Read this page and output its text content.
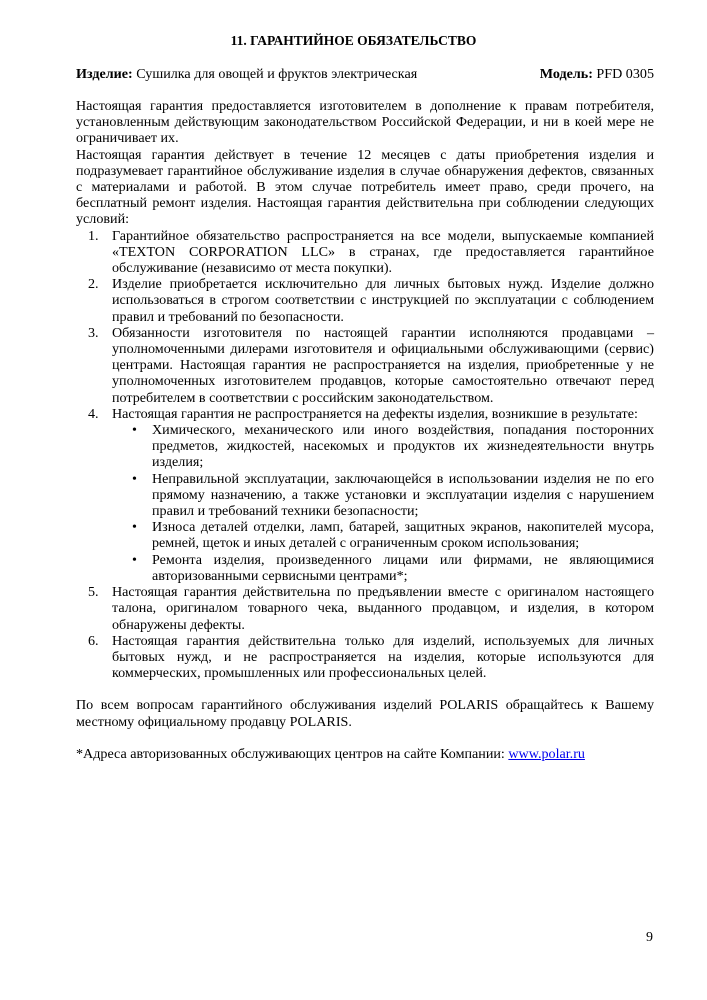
11. ГАРАНТИЙНОЕ ОБЯЗАТЕЛЬСТВО
Изделие: Сушилка для овощей и фруктов электрическая	Модель: PFD 0305

Настоящая гарантия предоставляется изготовителем в дополнение к правам потребителя, установленным действующим законодательством Российской Федерации, и ни в коей мере не ограничивает их.

Настоящая гарантия действует в течение 12 месяцев с даты приобретения изделия и подразумевает гарантийное обслуживание изделия в случае обнаружения дефектов, связанных с материалами и работой. В этом случае потребитель имеет право, среди прочего, на бесплатный ремонт изделия. Настоящая гарантия действительна при соблюдении следующих условий:

1. Гарантийное обязательство распространяется на все модели, выпускаемые компанией «TEXTON CORPORATION LLC» в странах, где предоставляется гарантийное обслуживание (независимо от места покупки).
2. Изделие приобретается исключительно для личных бытовых нужд. Изделие должно использоваться в строгом соответствии с инструкцией по эксплуатации с соблюдением правил и требований по безопасности.
3. Обязанности изготовителя по настоящей гарантии исполняются продавцами – уполномоченными дилерами изготовителя и официальными обслуживающими (сервис) центрами. Настоящая гарантия не распространяется на изделия, приобретенные у не уполномоченных изготовителем продавцов, которые самостоятельно отвечают перед потребителем в соответствии с российским законодательством.
4. Настоящая гарантия не распространяется на дефекты изделия, возникшие в результате:
• Химического, механического или иного воздействия, попадания посторонних предметов, жидкостей, насекомых и продуктов их жизнедеятельности внутрь изделия;
• Неправильной эксплуатации, заключающейся в использовании изделия не по его прямому назначению, а также установки и эксплуатации изделия с нарушением правил и требований техники безопасности;
• Износа деталей отделки, ламп, батарей, защитных экранов, накопителей мусора, ремней, щеток и иных деталей с ограниченным сроком использования;
• Ремонта изделия, произведенного лицами или фирмами, не являющимися авторизованными сервисными центрами*;
5. Настоящая гарантия действительна по предъявлении вместе с оригиналом настоящего талона, оригиналом товарного чека, выданного продавцом, и изделия, в котором обнаружены дефекты.
6. Настоящая гарантия действительна только для изделий, используемых для личных бытовых нужд, и не распространяется на изделия, которые используются для коммерческих, промышленных или профессиональных целей.

По всем вопросам гарантийного обслуживания изделий POLARIS обращайтесь к Вашему местному официальному продавцу POLARIS.

*Адреса авторизованных обслуживающих центров на сайте Компании: www.polar.ru

9
